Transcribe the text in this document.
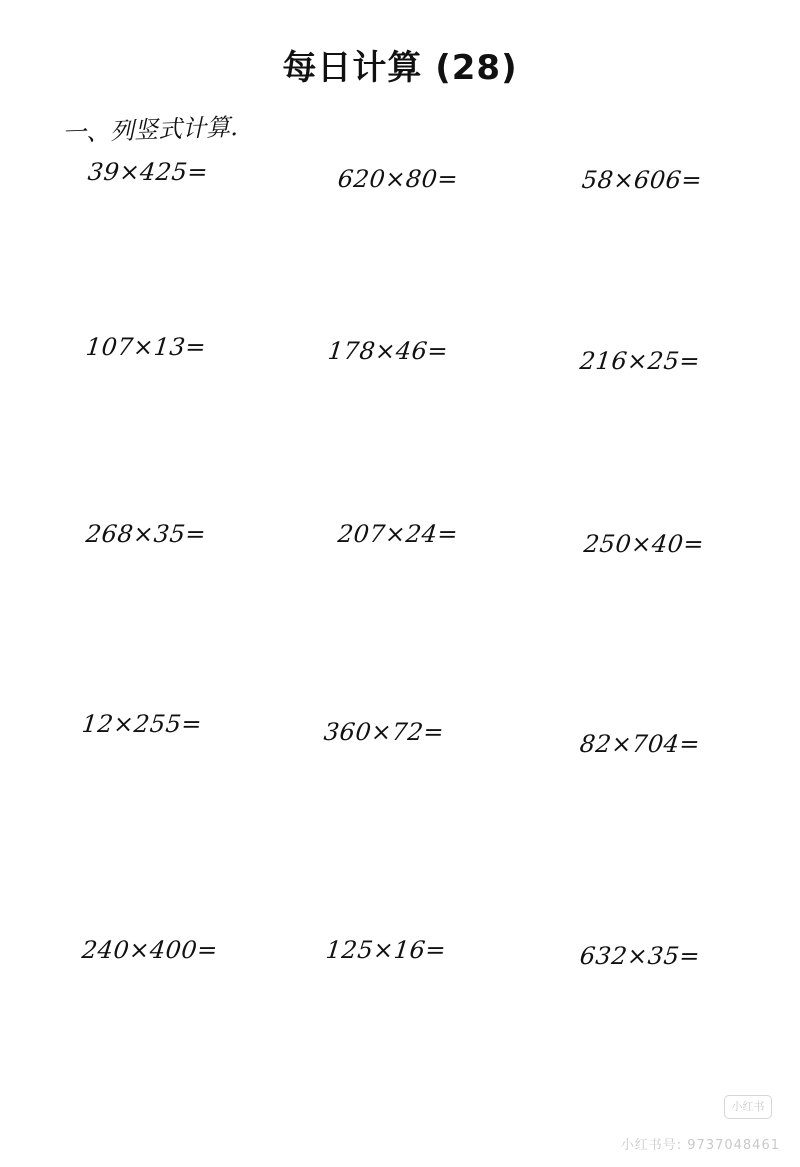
每日计算 (28)
一、列竖式计算.
39×425=	620×80=	58×606=
107×13=	178×46=	216×25=
268×35=	207×24=	250×40=
12×255=	360×72=	82×704=
240×400=	125×16=	632×35=
小红书
小红书号: 9737048461
